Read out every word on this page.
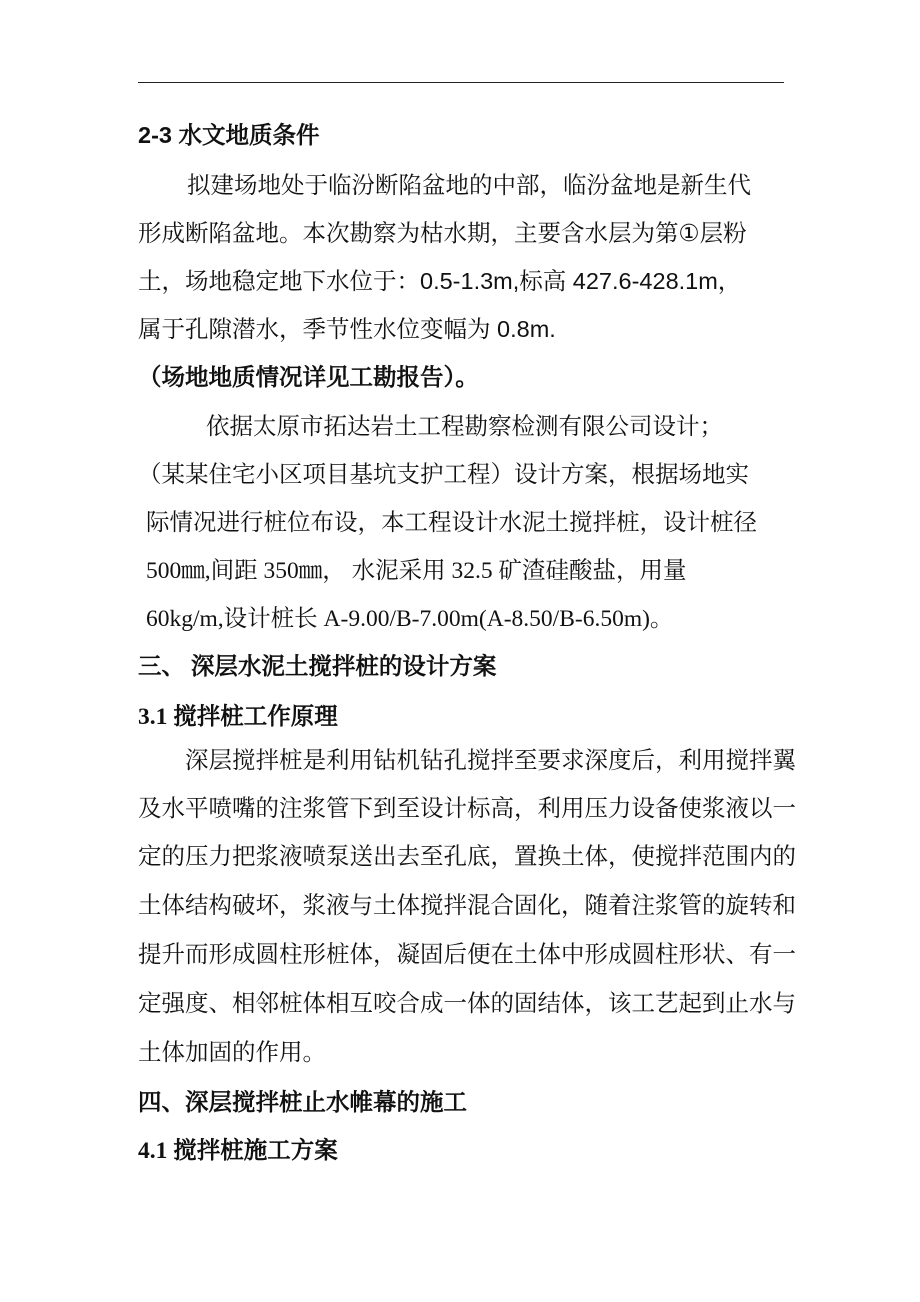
2-3 水文地质条件
拟建场地处于临汾断陷盆地的中部，临汾盆地是新生代
形成断陷盆地。本次勘察为枯水期，主要含水层为第①层粉
土，场地稳定地下水位于：0.5-1.3m,标高 427.6-428.1m，
属于孔隙潜水，季节性水位变幅为 0.8m.
（场地地质情况详见工勘报告）。
依据太原市拓达岩土工程勘察检测有限公司设计；
（某某住宅小区项目基坑支护工程）设计方案，根据场地实
际情况进行桩位布设，本工程设计水泥土搅拌桩，设计桩径
500㎜,间距 350㎜， 水泥采用 32.5 矿渣硅酸盐，用量
60kg/m,设计桩长 A-9.00/B-7.00m(A-8.50/B-6.50m)。
三、 深层水泥土搅拌桩的设计方案
3.1 搅拌桩工作原理
深层搅拌桩是利用钻机钻孔搅拌至要求深度后，利用搅拌翼
及水平喷嘴的注浆管下到至设计标高，利用压力设备使浆液以一
定的压力把浆液喷泵送出去至孔底，置换土体，使搅拌范围内的
土体结构破坏，浆液与土体搅拌混合固化，随着注浆管的旋转和
提升而形成圆柱形桩体，凝固后便在土体中形成圆柱形状、有一
定强度、相邻桩体相互咬合成一体的固结体，该工艺起到止水与
土体加固的作用。
四、深层搅拌桩止水帷幕的施工
4.1 搅拌桩施工方案
